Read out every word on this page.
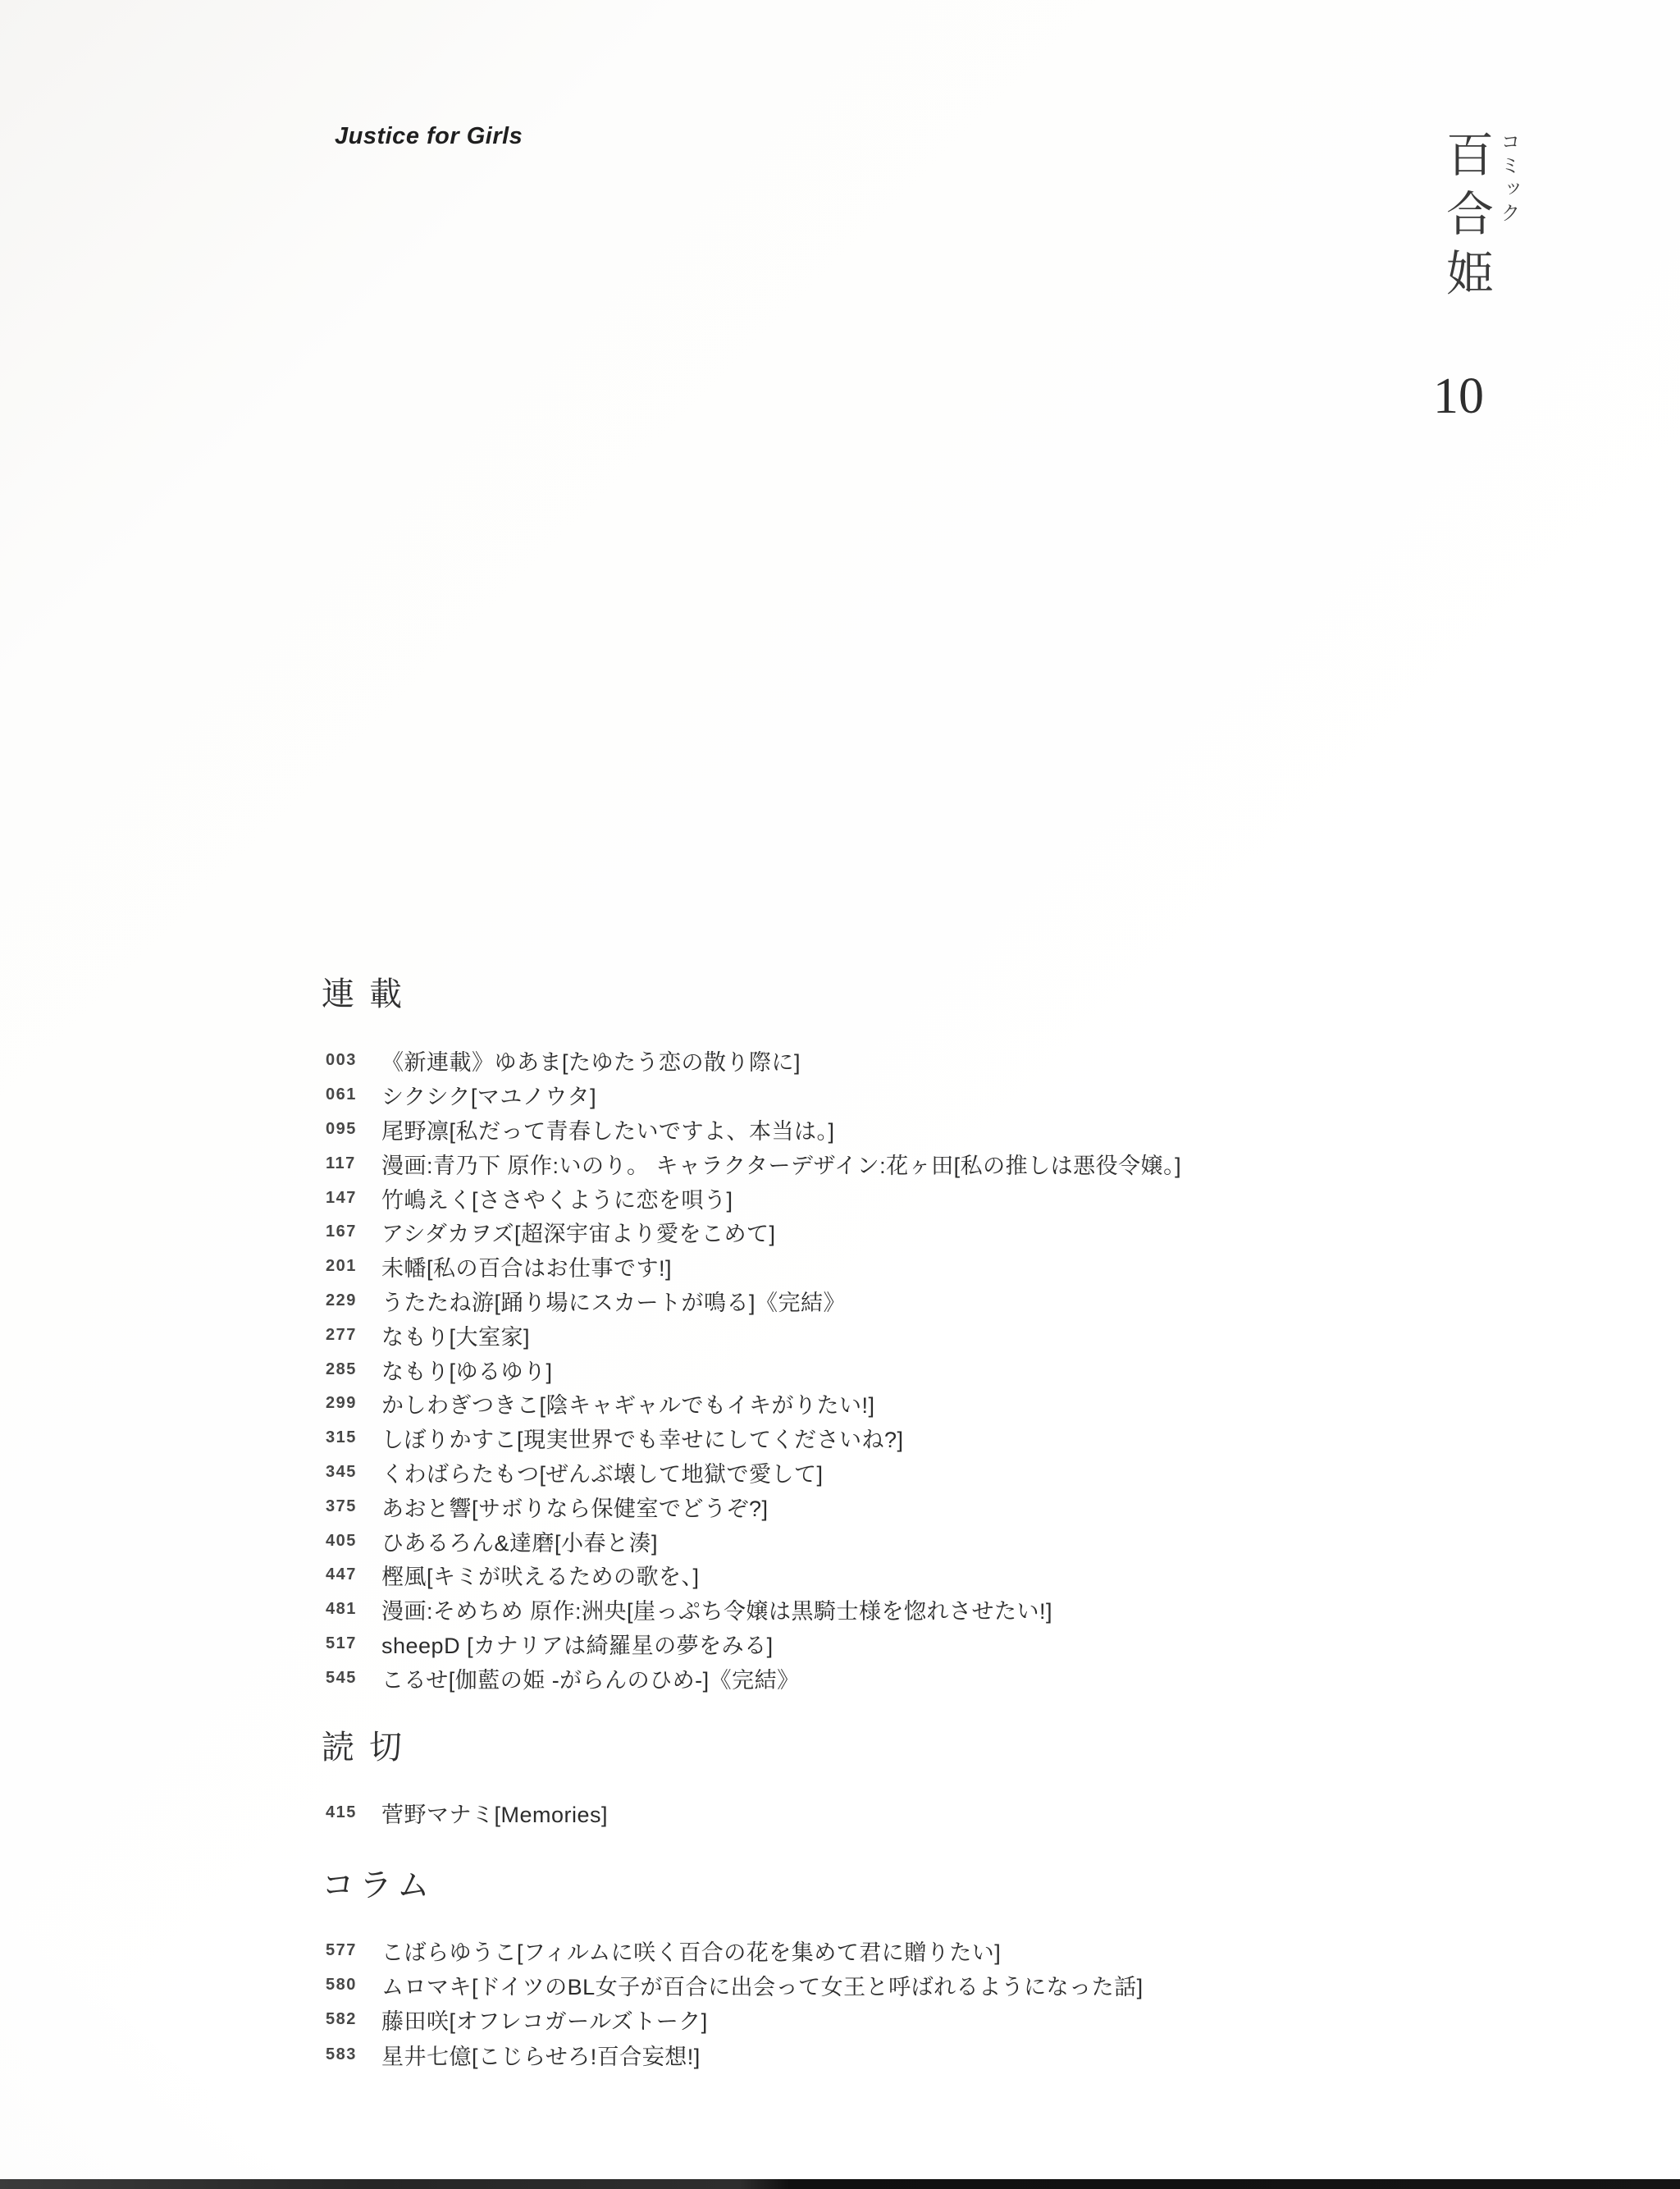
Justice for Girls	コミック
百合姫
10
連載
003	《新連載》ゆあま[たゆたう恋の散り際に]
061	シクシク[マユノウタ]
095	尾野凛[私だって青春したいですよ、本当は。]
117	漫画:青乃下 原作:いのり。 キャラクターデザイン:花ヶ田[私の推しは悪役令嬢。]
147	竹嶋えく[ささやくように恋を唄う]
167	アシダカヲズ[超深宇宙より愛をこめて]
201	未幡[私の百合はお仕事です!]
229	うたたね游[踊り場にスカートが鳴る]《完結》
277	なもり[大室家]
285	なもり[ゆるゆり]
299	かしわぎつきこ[陰キャギャルでもイキがりたい!]
315	しぼりかすこ[現実世界でも幸せにしてくださいね?]
345	くわばらたもつ[ぜんぶ壊して地獄で愛して]
375	あおと響[サボりなら保健室でどうぞ?]
405	ひあるろん&達磨[小春と湊]
447	樫風[キミが吠えるための歌を、]
481	漫画:そめちめ 原作:洲央[崖っぷち令嬢は黒騎士様を惚れさせたい!]
517	sheepD [カナリアは綺羅星の夢をみる]
545	こるせ[伽藍の姫 -がらんのひめ-]《完結》
読切
415	菅野マナミ[Memories]
コラム
577	こばらゆうこ[フィルムに咲く百合の花を集めて君に贈りたい]
580	ムロマキ[ドイツのBL女子が百合に出会って女王と呼ばれるようになった話]
582	藤田咲[オフレコガールズトーク]
583	星井七億[こじらせろ!百合妄想!]
